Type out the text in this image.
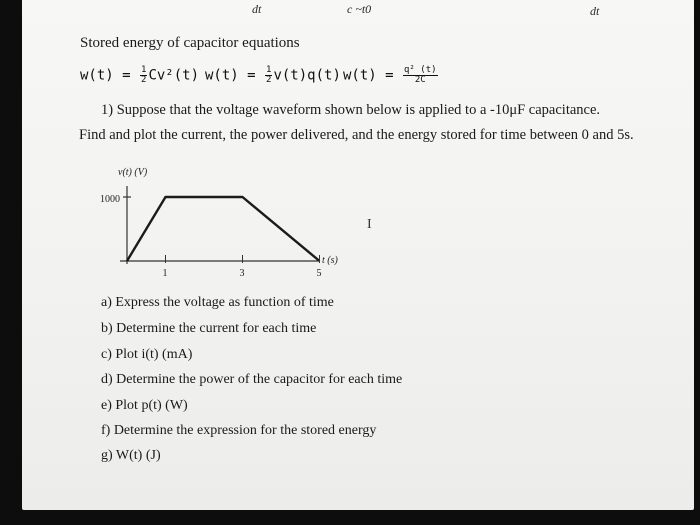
dt	c ~t0	dt
Stored energy of capacitor equations
$w(t) = \frac{1}{2} Cv^2(t) w(t) = \frac{1}{2} v(t)q(t) w(t) = \frac{\text{q² (t)}}{2C}$
1) Suppose that the voltage waveform shown below is applied to a -10μF capacitance.
Find and plot the current, the power delivered, and the energy stored for time between 0 and 5s.
v(t) (V)
t (s)
1000
1	3	5
I
a) Express the voltage as function of time
b) Determine the current for each time
c) Plot i(t) (mA)
d) Determine the power of the capacitor for each time
e) Plot p(t) (W)
f) Determine the expression for the stored energy
g) W(t) (J)
